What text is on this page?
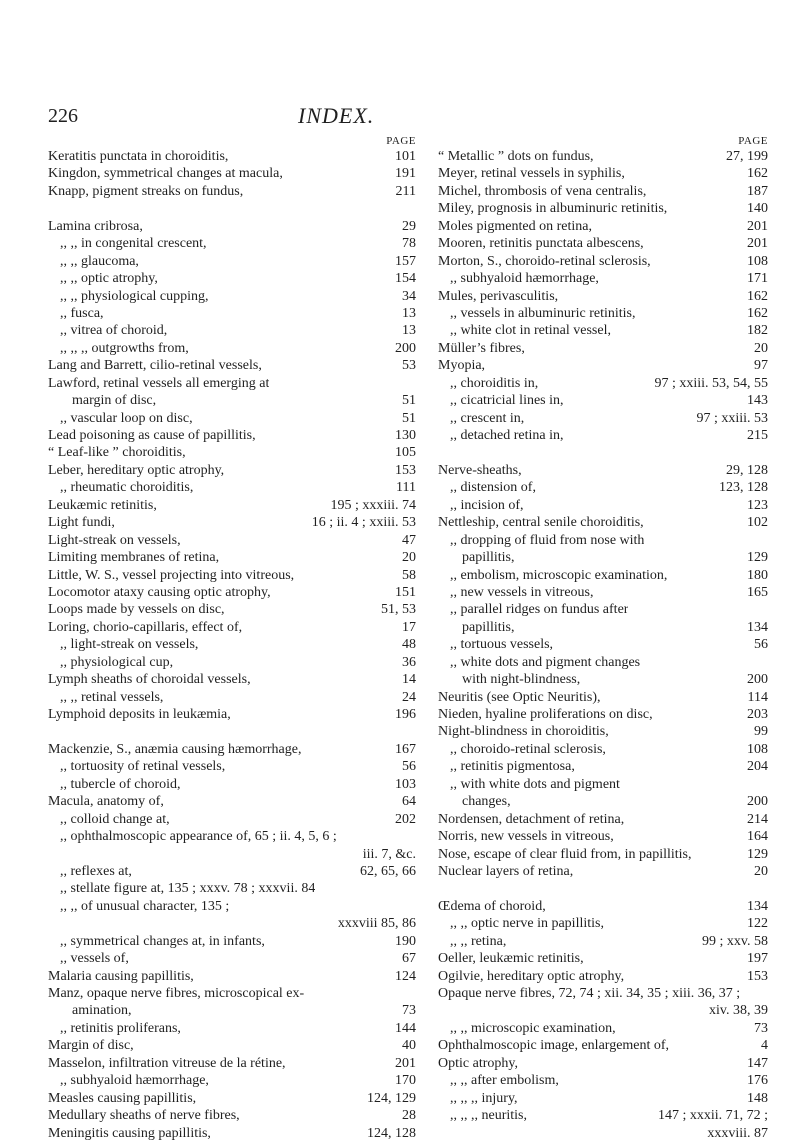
226	INDEX.
PAGE
Keratitis punctata in choroiditis,	101
Kingdon, symmetrical changes at macula,	191
Knapp, pigment streaks on fundus,	211
Lamina cribrosa,	29
,, ,, in congenital crescent,	78
,, ,, glaucoma,	157
,, ,, optic atrophy,	154
,, ,, physiological cupping,	34
,, fusca,	13
,, vitrea of choroid,	13
,, ,, ,, outgrowths from,	200
Lang and Barrett, cilio-retinal vessels,	53
Lawford, retinal vessels all emerging at
margin of disc,	51
,, vascular loop on disc,	51
Lead poisoning as cause of papillitis,	130
“ Leaf-like ” choroiditis,	105
Leber, hereditary optic atrophy,	153
,, rheumatic choroiditis,	111
Leukæmic retinitis,	195 ; xxxiii. 74
Light fundi,	16 ; ii. 4 ; xxiii. 53
Light-streak on vessels,	47
Limiting membranes of retina,	20
Little, W. S., vessel projecting into vitreous,	58
Locomotor ataxy causing optic atrophy,	151
Loops made by vessels on disc,	51, 53
Loring, chorio-capillaris, effect of,	17
,, light-streak on vessels,	48
,, physiological cup,	36
Lymph sheaths of choroidal vessels,	14
,, ,, retinal vessels,	24
Lymphoid deposits in leukæmia,	196
Mackenzie, S., anæmia causing hæmorrhage,	167
,, tortuosity of retinal vessels,	56
,, tubercle of choroid,	103
Macula, anatomy of,	64
,, colloid change at,	202
,, ophthalmoscopic appearance of, 65 ; ii. 4, 5, 6 ;
iii. 7, &c.
,, reflexes at,	62, 65, 66
,, stellate figure at, 135 ; xxxv. 78 ; xxxvii. 84
,, ,, of unusual character, 135 ;
xxxviii 85, 86
,, symmetrical changes at, in infants,	190
,, vessels of,	67
Malaria causing papillitis,	124
Manz, opaque nerve fibres, microscopical ex-
amination,	73
,, retinitis proliferans,	144
Margin of disc,	40
Masselon, infiltration vitreuse de la rétine,	201
,, subhyaloid hæmorrhage,	170
Measles causing papillitis,	124, 129
Medullary sheaths of nerve fibres,	28
Meningitis causing papillitis,	124, 128
PAGE
“ Metallic ” dots on fundus,	27, 199
Meyer, retinal vessels in syphilis,	162
Michel, thrombosis of vena centralis,	187
Miley, prognosis in albuminuric retinitis,	140
Moles pigmented on retina,	201
Mooren, retinitis punctata albescens,	201
Morton, S., choroido-retinal sclerosis,	108
,, subhyaloid hæmorrhage,	171
Mules, perivasculitis,	162
,, vessels in albuminuric retinitis,	162
,, white clot in retinal vessel,	182
Müller’s fibres,	20
Myopia,	97
,, choroiditis in,	97 ; xxiii. 53, 54, 55
,, cicatricial lines in,	143
,, crescent in,	97 ; xxiii. 53
,, detached retina in,	215
Nerve-sheaths,	29, 128
,, distension of,	123, 128
,, incision of,	123
Nettleship, central senile choroiditis,	102
,, dropping of fluid from nose with
papillitis,	129
,, embolism, microscopic examination,	180
,, new vessels in vitreous,	165
,, parallel ridges on fundus after
papillitis,	134
,, tortuous vessels,	56
,, white dots and pigment changes
with night-blindness,	200
Neuritis (see Optic Neuritis),	114
Nieden, hyaline proliferations on disc,	203
Night-blindness in choroiditis,	99
,, choroido-retinal sclerosis,	108
,, retinitis pigmentosa,	204
,, with white dots and pigment
changes,	200
Nordensen, detachment of retina,	214
Norris, new vessels in vitreous,	164
Nose, escape of clear fluid from, in papillitis,	129
Nuclear layers of retina,	20
Œdema of choroid,	134
,, ,, optic nerve in papillitis,	122
,, ,, retina,	99 ; xxv. 58
Oeller, leukæmic retinitis,	197
Ogilvie, hereditary optic atrophy,	153
Opaque nerve fibres, 72, 74 ; xii. 34, 35 ; xiii. 36, 37 ;
xiv. 38, 39
,, ,, microscopic examination,	73
Ophthalmoscopic image, enlargement of,	4
Optic atrophy,	147
,, ,, after embolism,	176
,, ,, ,, injury,	148
,, ,, ,, neuritis,	147 ; xxxii. 71, 72 ;
xxxviii. 87
